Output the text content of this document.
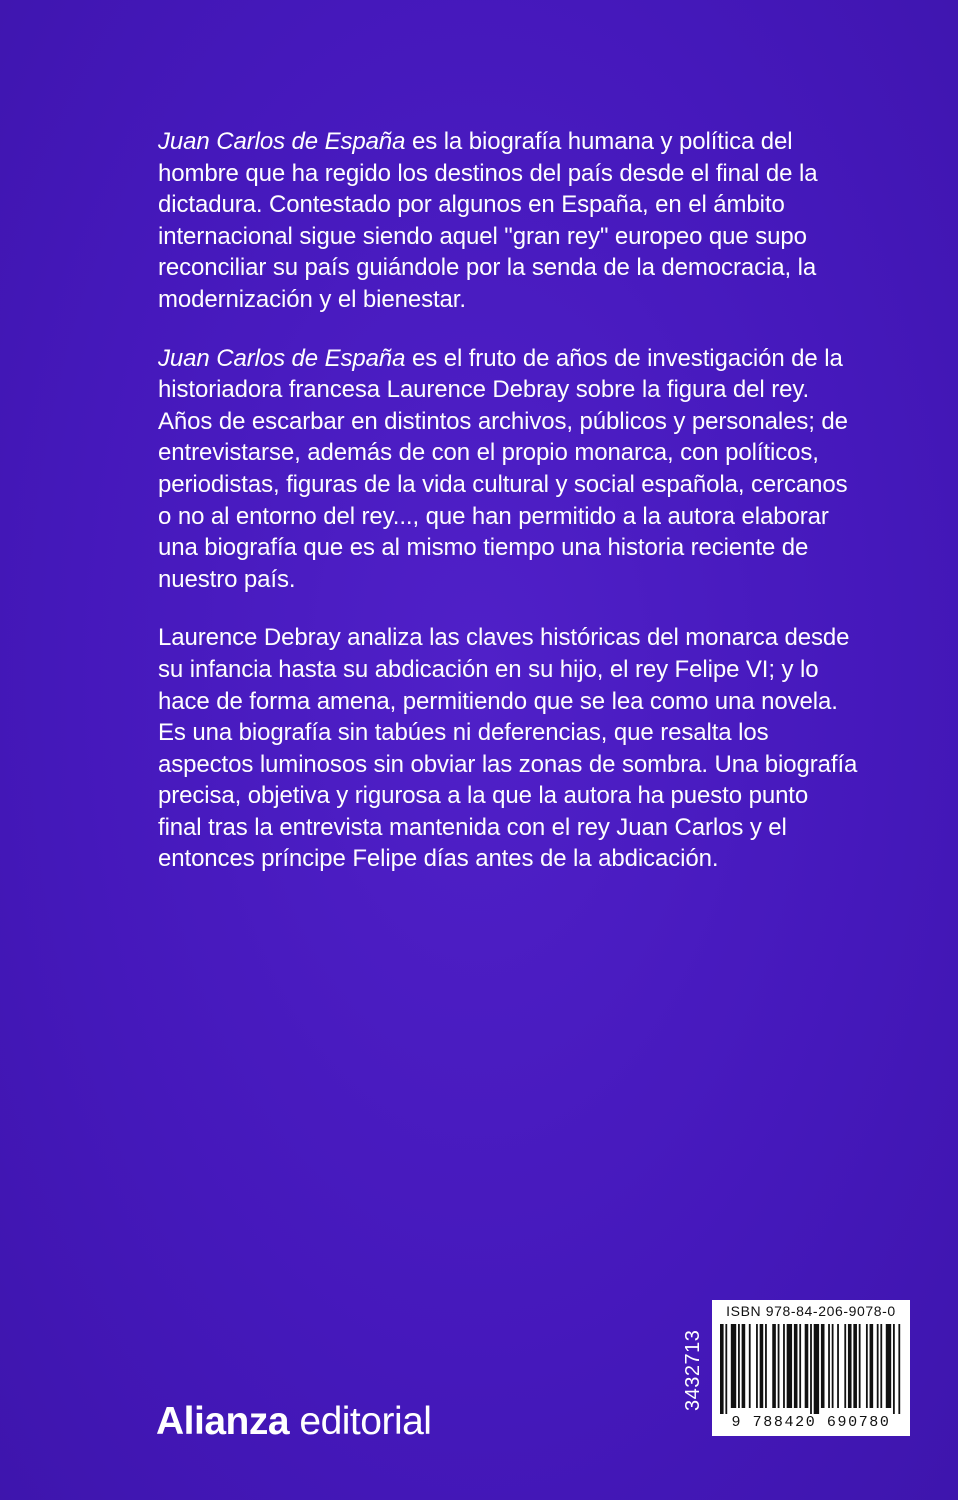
Juan Carlos de España es la biografía humana y política del hombre que ha regido los destinos del país desde el final de la dictadura. Contestado por algunos en España, en el ámbito internacional sigue siendo aquel "gran rey" europeo que supo reconciliar su país guiándole por la senda de la democracia, la modernización y el bienestar.

Juan Carlos de España es el fruto de años de investigación de la historiadora francesa Laurence Debray sobre la figura del rey. Años de escarbar en distintos archivos, públicos y personales; de entrevistarse, además de con el propio monarca, con políticos, periodistas, figuras de la vida cultural y social española, cercanos o no al entorno del rey..., que han permitido a la autora elaborar una biografía que es al mismo tiempo una historia reciente de nuestro país.

Laurence Debray analiza las claves históricas del monarca desde su infancia hasta su abdicación en su hijo, el rey Felipe VI; y lo hace de forma amena, permitiendo que se lea como una novela. Es una biografía sin tabúes ni deferencias, que resalta los aspectos luminosos sin obviar las zonas de sombra. Una biografía precisa, objetiva y rigurosa a la que la autora ha puesto punto final tras la entrevista mantenida con el rey Juan Carlos y el entonces príncipe Felipe días antes de la abdicación.

Alianza editorial
3432713
ISBN 978-84-206-9078-0
9 788420 690780
